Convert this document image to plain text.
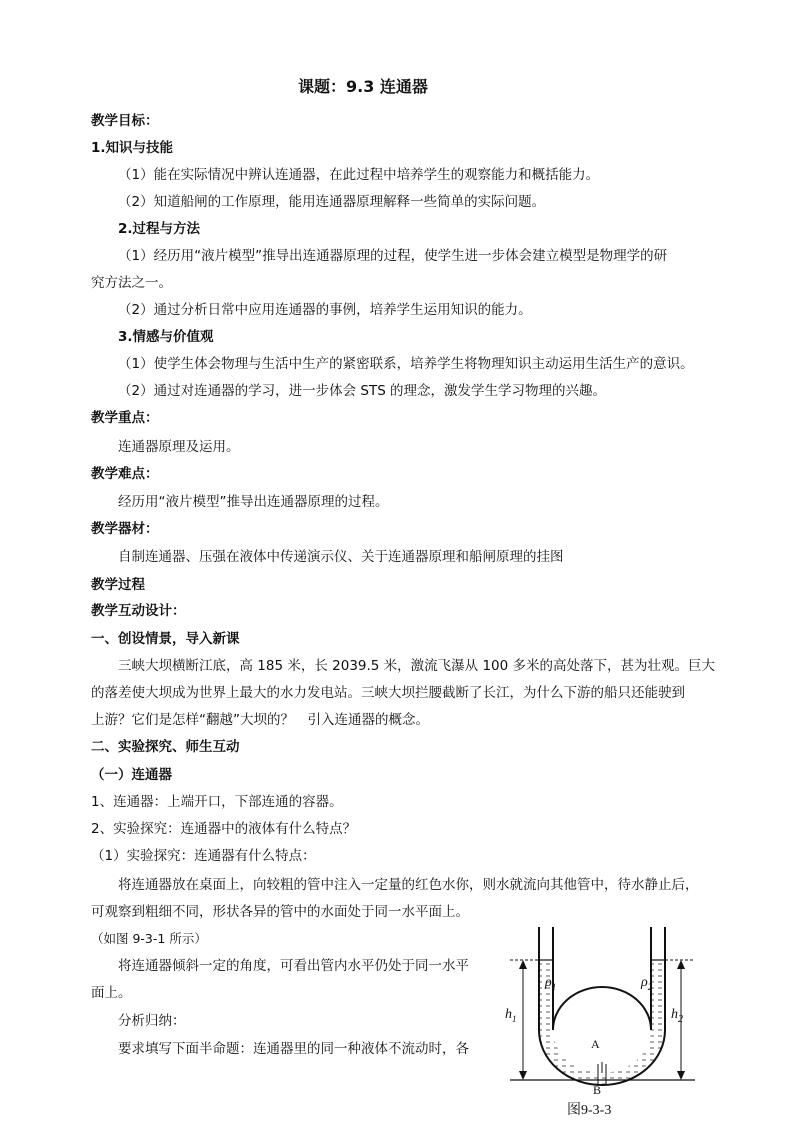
课题：9.3 连通器
教学目标：
1.知识与技能
（1）能在实际情况中辨认连通器，在此过程中培养学生的观察能力和概括能力。
（2）知道船闸的工作原理，能用连通器原理解释一些简单的实际问题。
2.过程与方法
（1）经历用“液片模型”推导出连通器原理的过程，使学生进一步体会建立模型是物理学的研
究方法之一。
（2）通过分析日常中应用连通器的事例，培养学生运用知识的能力。
3.情感与价值观
（1）使学生体会物理与生活中生产的紧密联系，培养学生将物理知识主动运用生活生产的意识。
（2）通过对连通器的学习，进一步体会 STS 的理念，激发学生学习物理的兴趣。
教学重点：
连通器原理及运用。
教学难点：
经历用“液片模型”推导出连通器原理的过程。
教学器材：
自制连通器、压强在液体中传递演示仪、关于连通器原理和船闸原理的挂图
教学过程
教学互动设计：
一、创设情景，导入新课
三峡大坝横断江底，高 185 米，长 2039.5 米，激流飞瀑从 100 多米的高处落下，甚为壮观。巨大
的落差使大坝成为世界上最大的水力发电站。三峡大坝拦腰截断了长江，为什么下游的船只还能驶到
上游？它们是怎样“翻越”大坝的？　引入连通器的概念。
二、实验探究、师生互动
（一）连通器
1、连通器：上端开口，下部连通的容器。
2、实验探究：连通器中的液体有什么特点？
（1）实验探究：连通器有什么特点：
将连通器放在桌面上，向较粗的管中注入一定量的红色水你，则水就流向其他管中，待水静止后，
可观察到粗细不同，形状各异的管中的水面处于同一水平面上。
（如图 9-3-1 所示）
将连通器倾斜一定的角度，可看出管内水平仍处于同一水平
面上。
分析归纳：
要求填写下面半命题：连通器里的同一种液体不流动时，各
$\rho_1$	$\rho_2$
$h_1$	$h_2$
A
B
图9-3-3
